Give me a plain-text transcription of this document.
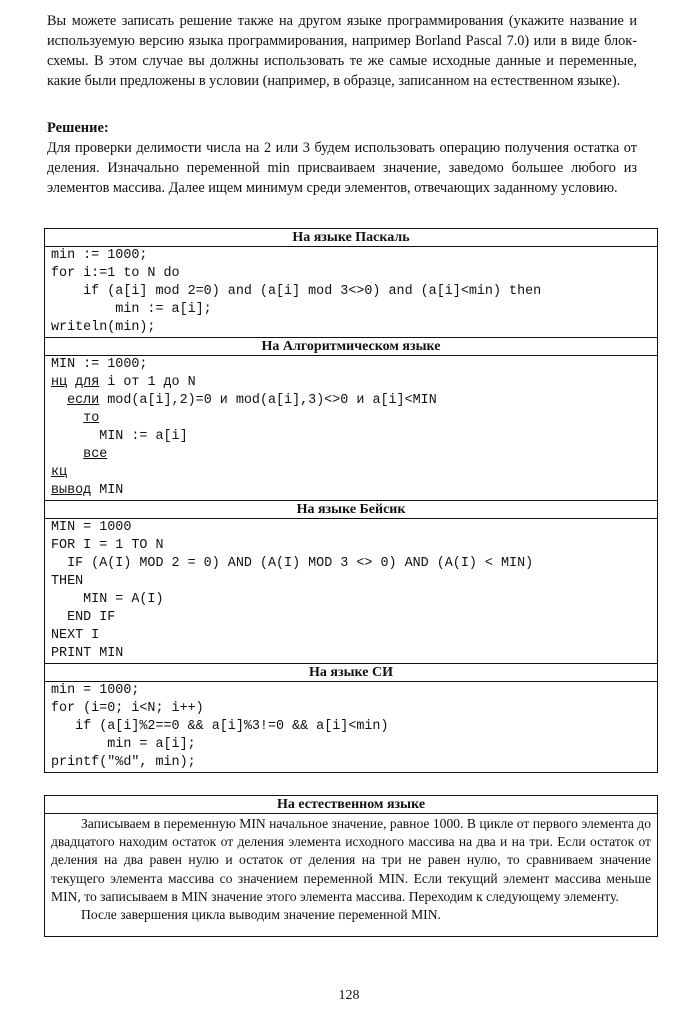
Вы можете записать решение также на другом языке программирования (укажите название и используемую версию языка программирования, например Borland Pascal 7.0) или в виде блок-схемы. В этом случае вы должны использовать те же самые исходные данные и переменные, какие были предложены в условии (например, в образце, записанном на естественном языке).
Решение:
Для проверки делимости числа на 2 или 3 будем использовать операцию получения остатка от деления. Изначально переменной min присваиваем значение, заведомо большее любого из элементов массива. Далее ищем минимум среди элементов, отвечающих заданному условию.
На языке Паскаль
min := 1000;
for i:=1 to N do
if (a[i] mod 2=0) and (a[i] mod 3<>0) and (a[i]<min) then
min := a[i];
writeln(min);
На Алгоритмическом языке
MIN := 1000;
нц для i от 1 до N
если mod(a[i],2)=0 и mod(a[i],3)<>0 и a[i]<MIN
то
MIN := a[i]
все
кц
вывод MIN
На языке Бейсик
MIN = 1000
FOR I = 1 TO N
IF (A(I) MOD 2 = 0) AND (A(I) MOD 3 <> 0) AND (A(I) < MIN)
THEN
MIN = A(I)
END IF
NEXT I
PRINT MIN
На языке СИ
min = 1000;
for (i=0; i<N; i++)
if (a[i]%2==0 && a[i]%3!=0 && a[i]<min)
min = a[i];
printf("%d", min);
На естественном языке

Записываем в переменную MIN начальное значение, равное 1000. В цикле от первого элемента до двадцатого находим остаток от деления элемента исходного массива на два и на три. Если остаток от деления на два равен нулю и остаток от деления на три не равен нулю, то сравниваем значение текущего элемента массива со значением переменной MIN. Если текущий элемент массива меньше MIN, то записываем в MIN значение этого элемента массива. Переходим к следующему элементу.

После завершения цикла выводим значение переменной MIN.

128
